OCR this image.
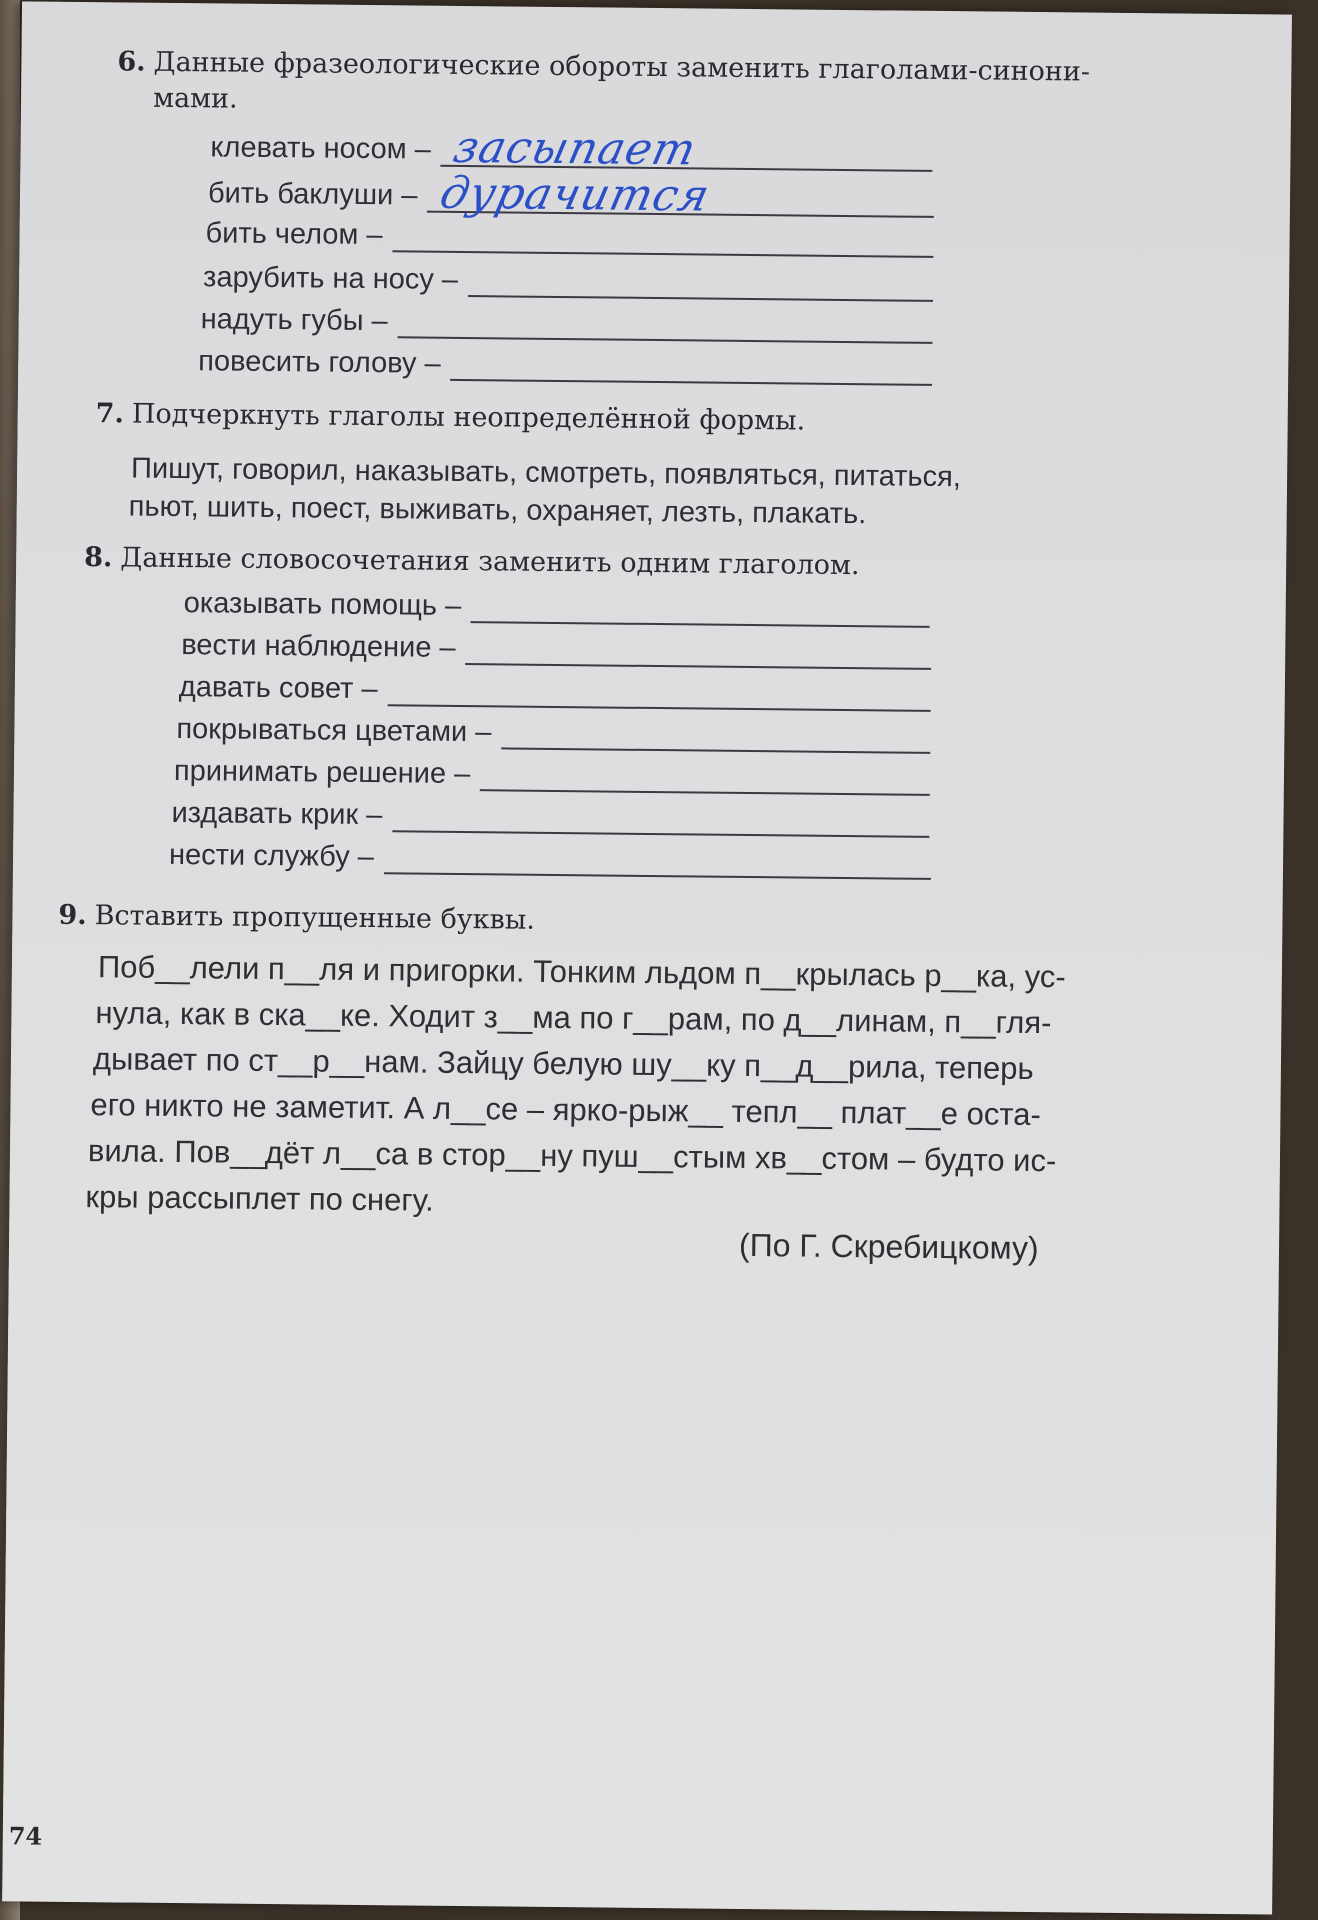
6. Данные фразеологические обороты заменить глаголами-синони-
мами.
клевать носом – засыпает
бить баклуши – дурачится
бить челом –
зарубить на носу –
надуть губы –
повесить голову –
7. Подчеркнуть глаголы неопределённой формы.
Пишут, говорил, наказывать, смотреть, появляться, питаться,
пьют, шить, поест, выживать, охраняет, лезть, плакать.
8. Данные словосочетания заменить одним глаголом.
оказывать помощь –
вести наблюдение –
давать совет –
покрываться цветами –
принимать решение –
издавать крик –
нести службу –
9. Вставить пропущенные буквы.
Поб__лели п__ля и пригорки. Тонким льдом п__крылась р__ка, ус-
нула, как в ска__ке. Ходит з__ма по г__рам, по д__линам, п__гля-
дывает по ст__р__нам. Зайцу белую шу__ку п__д__рила, теперь
его никто не заметит. А л__се – ярко-рыж__ тепл__ плат__е оста-
вила. Пов__дёт л__са в стор__ну пуш__стым хв__стом – будто ис-
кры рассыплет по снегу.
(По Г. Скребицкому)
74
